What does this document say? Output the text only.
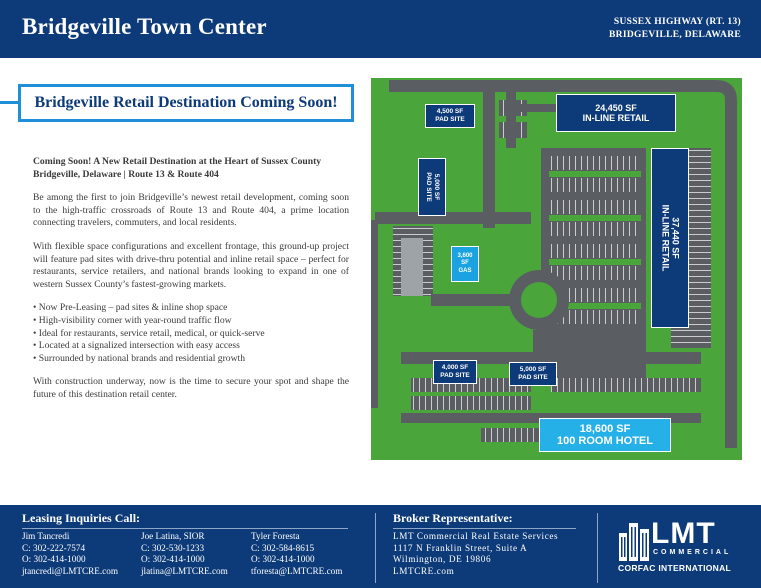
Bridgeville Town Center	SUSSEX HIGHWAY (RT. 13)
BRIDGEVILLE, DELAWARE
Bridgeville Retail Destination Coming Soon!

Coming Soon! A New Retail Destination at the Heart of Sussex County Bridgeville, Delaware | Route 13 & Route 404

Be among the first to join Bridgeville’s newest retail development, coming soon to the high-traffic crossroads of Route 13 and Route 404, a prime location connecting travelers, commuters, and local residents.

With flexible space configurations and excellent frontage, this ground-up project will feature pad sites with drive-thru potential and inline retail space – perfect for restaurants, service retailers, and national brands looking to expand in one of western Sussex County’s fastest-growing markets.

• Now Pre-Leasing – pad sites & inline shop space
• High-visibility corner with year-round traffic flow
• Ideal for restaurants, service retail, medical, or quick-serve
• Located at a signalized intersection with easy access
• Surrounded by national brands and residential growth

With construction underway, now is the time to secure your spot and shape the future of this destination retail center.

4,500 SF
PAD SITE
24,450 SF
IN-LINE RETAIL
5,000 SF
PAD SITE
37,440 SF
IN-LINE RETAIL
3,600
SF
GAS
4,000 SF
PAD SITE
5,000 SF
PAD SITE
18,600 SF
100 ROOM HOTEL
Leasing Inquiries Call:
Jim Tancredi
C: 302-222-7574
O: 302-414-1000
jtancredi@LMTCRE.com
Joe Latina, SIOR
C: 302-530-1233
O: 302-414-1000
jlatina@LMTCRE.com
Tyler Foresta
C: 302-584-8615
O: 302-414-1000
tforesta@LMTCRE.com
Broker Representative:
LMT Commercial Real Estate Services
1117 N Franklin Street, Suite A
Wilmington, DE 19806
LMTCRE.com
LMT
COMMERCIAL
CORFAC INTERNATIONAL
